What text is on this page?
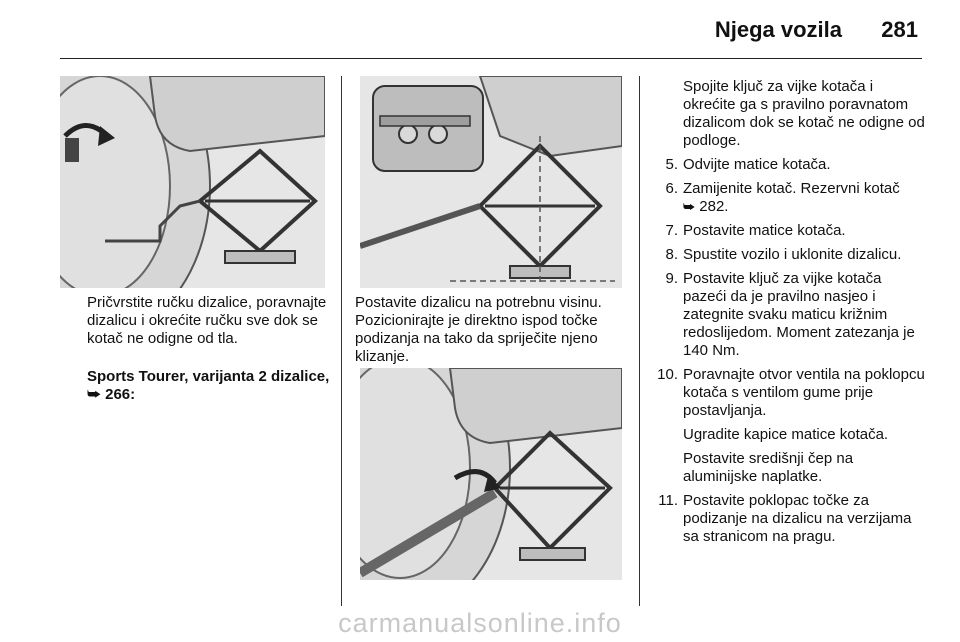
Njega vozila 281

Pričvrstite ručku dizalice, poravnajte dizalicu i okrećite ručku sve dok se kotač ne odigne od tla.

Sports Tourer, varijanta 2 dizalice, ⮩ 266:

Postavite dizalicu na potrebnu visinu. Pozicionirajte je direktno ispod točke podizanja na tako da spriječite njeno klizanje.

Spojite ključ za vijke kotača i okrećite ga s pravilno poravnatom dizalicom dok se kotač ne odigne od podloge.
5. Odvijte matice kotača.
6. Zamijenite kotač. Rezervni kotač
⮩ 282.
7. Postavite matice kotača.
8. Spustite vozilo i uklonite dizalicu.
9. Postavite ključ za vijke kotača pazeći da je pravilno nasjeo i zategnite svaku maticu križnim redoslijedom. Moment zatezanja je 140 Nm.
10. Poravnajte otvor ventila na poklopcu kotača s ventilom gume prije postavljanja.
Ugradite kapice matice kotača.
Postavite središnji čep na aluminijske naplatke.
11. Postavite poklopac točke za podizanje na dizalicu na verzijama sa stranicom na pragu.
carmanualsonline.info
